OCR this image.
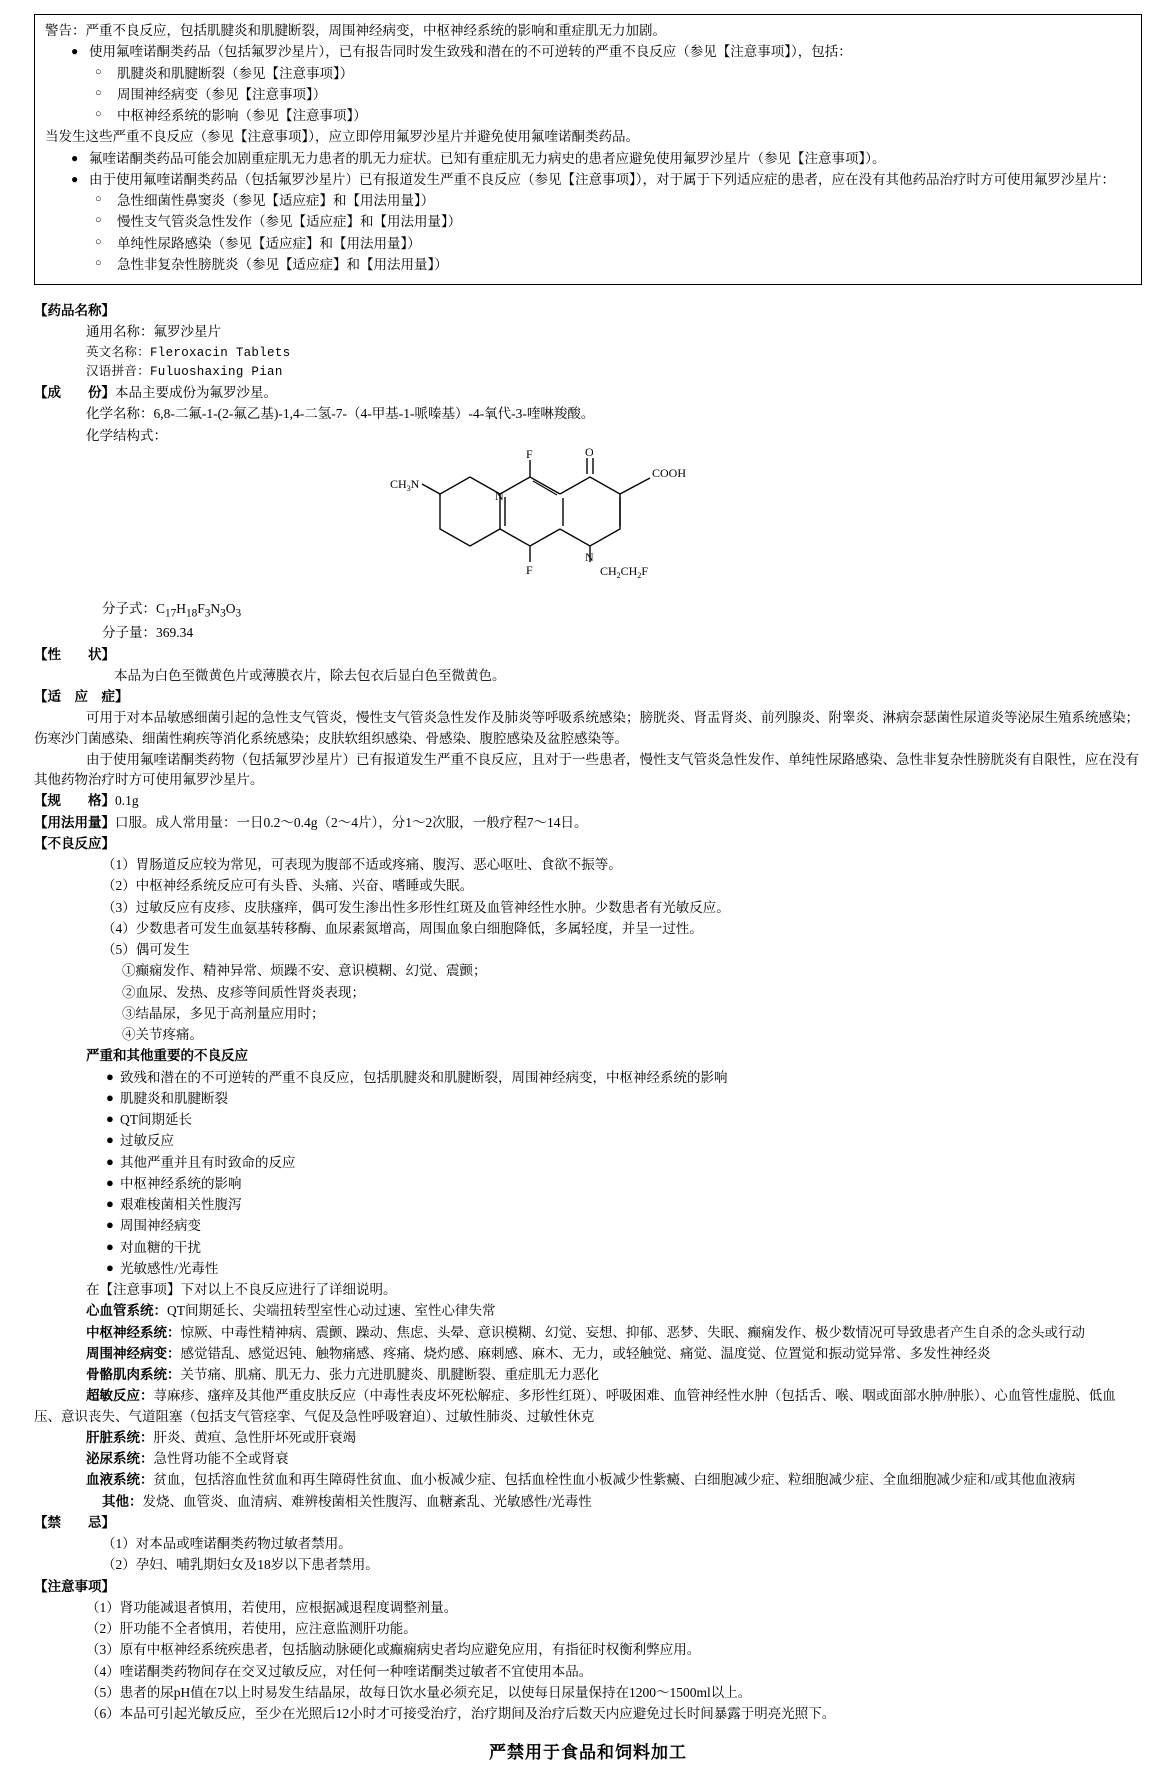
警告：严重不良反应，包括肌腱炎和肌腱断裂，周围神经病变，中枢神经系统的影响和重症肌无力加剧。
● 使用氟喹诺酮类药品（包括氟罗沙星片），已有报告同时发生致残和潜在的不可逆转的严重不良反应（参见【注意事项】），包括：
○ 肌腱炎和肌腱断裂（参见【注意事项】）
○ 周围神经病变（参见【注意事项】）
○ 中枢神经系统的影响（参见【注意事项】）
当发生这些严重不良反应（参见【注意事项】），应立即停用氟罗沙星片并避免使用氟喹诺酮类药品。
● 氟喹诺酮类药品可能会加剧重症肌无力患者的肌无力症状。已知有重症肌无力病史的患者应避免使用氟罗沙星片（参见【注意事项】）。
● 由于使用氟喹诺酮类药品（包括氟罗沙星片）已有报道发生严重不良反应（参见【注意事项】），对于属于下列适应症的患者，应在没有其他药品治疗时方可使用氟罗沙星片：
○ 急性细菌性鼻窦炎（参见【适应症】和【用法用量】）
○ 慢性支气管炎急性发作（参见【适应症】和【用法用量】）
○ 单纯性尿路感染（参见【适应症】和【用法用量】）
○ 急性非复杂性膀胱炎（参见【适应症】和【用法用量】）
【药品名称】
通用名称：氟罗沙星片
英文名称：Fleroxacin Tablets
汉语拼音：Fuluoshaxing Pian
【成　　份】本品主要成份为氟罗沙星。
化学名称：6,8-二氟-1-(2-氟乙基)-1,4-二氢-7-（4-甲基-1-哌嗪基）-4-氧代-3-喹啉羧酸。
化学结构式：
F	O
COOH
$CH_3N$
N
F
N
$CH_2CH_2F$
分子式：$C_{17}H_{18}F_3N_3O_3$
分子量：369.34
【性　　状】
本品为白色至微黄色片或薄膜衣片，除去包衣后显白色至微黄色。
【适　应　症】
可用于对本品敏感细菌引起的急性支气管炎，慢性支气管炎急性发作及肺炎等呼吸系统感染；膀胱炎、肾盂肾炎、前列腺炎、附睾炎、淋病奈瑟菌性尿道炎等泌尿生殖系统感染；伤寒沙门菌感染、细菌性痢疾等消化系统感染；皮肤软组织感染、骨感染、腹腔感染及盆腔感染等。
由于使用氟喹诺酮类药物（包括氟罗沙星片）已有报道发生严重不良反应，且对于一些患者，慢性支气管炎急性发作、单纯性尿路感染、急性非复杂性膀胱炎有自限性，应在没有其他药物治疗时方可使用氟罗沙星片。
【规　　格】0.1g
【用法用量】口服。成人常用量：一日0.2～0.4g（2～4片），分1～2次服，一般疗程7～14日。
【不良反应】
（1）胃肠道反应较为常见，可表现为腹部不适或疼痛、腹泻、恶心呕吐、食欲不振等。
（2）中枢神经系统反应可有头昏、头痛、兴奋、嗜睡或失眠。
（3）过敏反应有皮疹、皮肤瘙痒，偶可发生渗出性多形性红斑及血管神经性水肿。少数患者有光敏反应。
（4）少数患者可发生血氨基转移酶、血尿素氮增高，周围血象白细胞降低，多属轻度，并呈一过性。
（5）偶可发生
①癫痫发作、精神异常、烦躁不安、意识模糊、幻觉、震颤；
②血尿、发热、皮疹等间质性肾炎表现；
③结晶尿，多见于高剂量应用时；
④关节疼痛。
严重和其他重要的不良反应
● 致残和潜在的不可逆转的严重不良反应，包括肌腱炎和肌腱断裂，周围神经病变，中枢神经系统的影响
● 肌腱炎和肌腱断裂
● QT间期延长
● 过敏反应
● 其他严重并且有时致命的反应
● 中枢神经系统的影响
● 艰难梭菌相关性腹泻
● 周围神经病变
● 对血糖的干扰
● 光敏感性/光毒性
在【注意事项】下对以上不良反应进行了详细说明。
心血管系统：QT间期延长、尖端扭转型室性心动过速、室性心律失常
中枢神经系统：惊厥、中毒性精神病、震颤、躁动、焦虑、头晕、意识模糊、幻觉、妄想、抑郁、恶梦、失眠、癫痫发作、极少数情况可导致患者产生自杀的念头或行动
周围神经病变：感觉错乱、感觉迟钝、触物痛感、疼痛、烧灼感、麻刺感、麻木、无力，或轻触觉、痛觉、温度觉、位置觉和振动觉异常、多发性神经炎
骨骼肌肉系统：关节痛、肌痛、肌无力、张力亢进肌腱炎、肌腱断裂、重症肌无力恶化
超敏反应：荨麻疹、瘙痒及其他严重皮肤反应（中毒性表皮坏死松解症、多形性红斑）、呼吸困难、血管神经性水肿（包括舌、喉、咽或面部水肿/肿胀）、心血管性虚脱、低血压、意识丧失、气道阻塞（包括支气管痉挛、气促及急性呼吸窘迫）、过敏性肺炎、过敏性休克
肝脏系统：肝炎、黄疸、急性肝坏死或肝衰竭
泌尿系统：急性肾功能不全或肾衰
血液系统：贫血，包括溶血性贫血和再生障碍性贫血、血小板减少症、包括血栓性血小板减少性紫癜、白细胞减少症、粒细胞减少症、全血细胞减少症和/或其他血液病
其他：发烧、血管炎、血清病、难辨梭菌相关性腹泻、血糖紊乱、光敏感性/光毒性
【禁　　忌】
（1）对本品或喹诺酮类药物过敏者禁用。
（2）孕妇、哺乳期妇女及18岁以下患者禁用。
【注意事项】
（1）肾功能减退者慎用，若使用，应根据减退程度调整剂量。
（2）肝功能不全者慎用，若使用，应注意监测肝功能。
（3）原有中枢神经系统疾患者，包括脑动脉硬化或癫痫病史者均应避免应用，有指征时权衡利弊应用。
（4）喹诺酮类药物间存在交叉过敏反应，对任何一种喹诺酮类过敏者不宜使用本品。
（5）患者的尿pH值在7以上时易发生结晶尿，故每日饮水量必须充足，以使每日尿量保持在1200～1500ml以上。
（6）本品可引起光敏反应，至少在光照后12小时才可接受治疗，治疗期间及治疗后数天内应避免过长时间暴露于明亮光照下。
严禁用于食品和饲料加工
